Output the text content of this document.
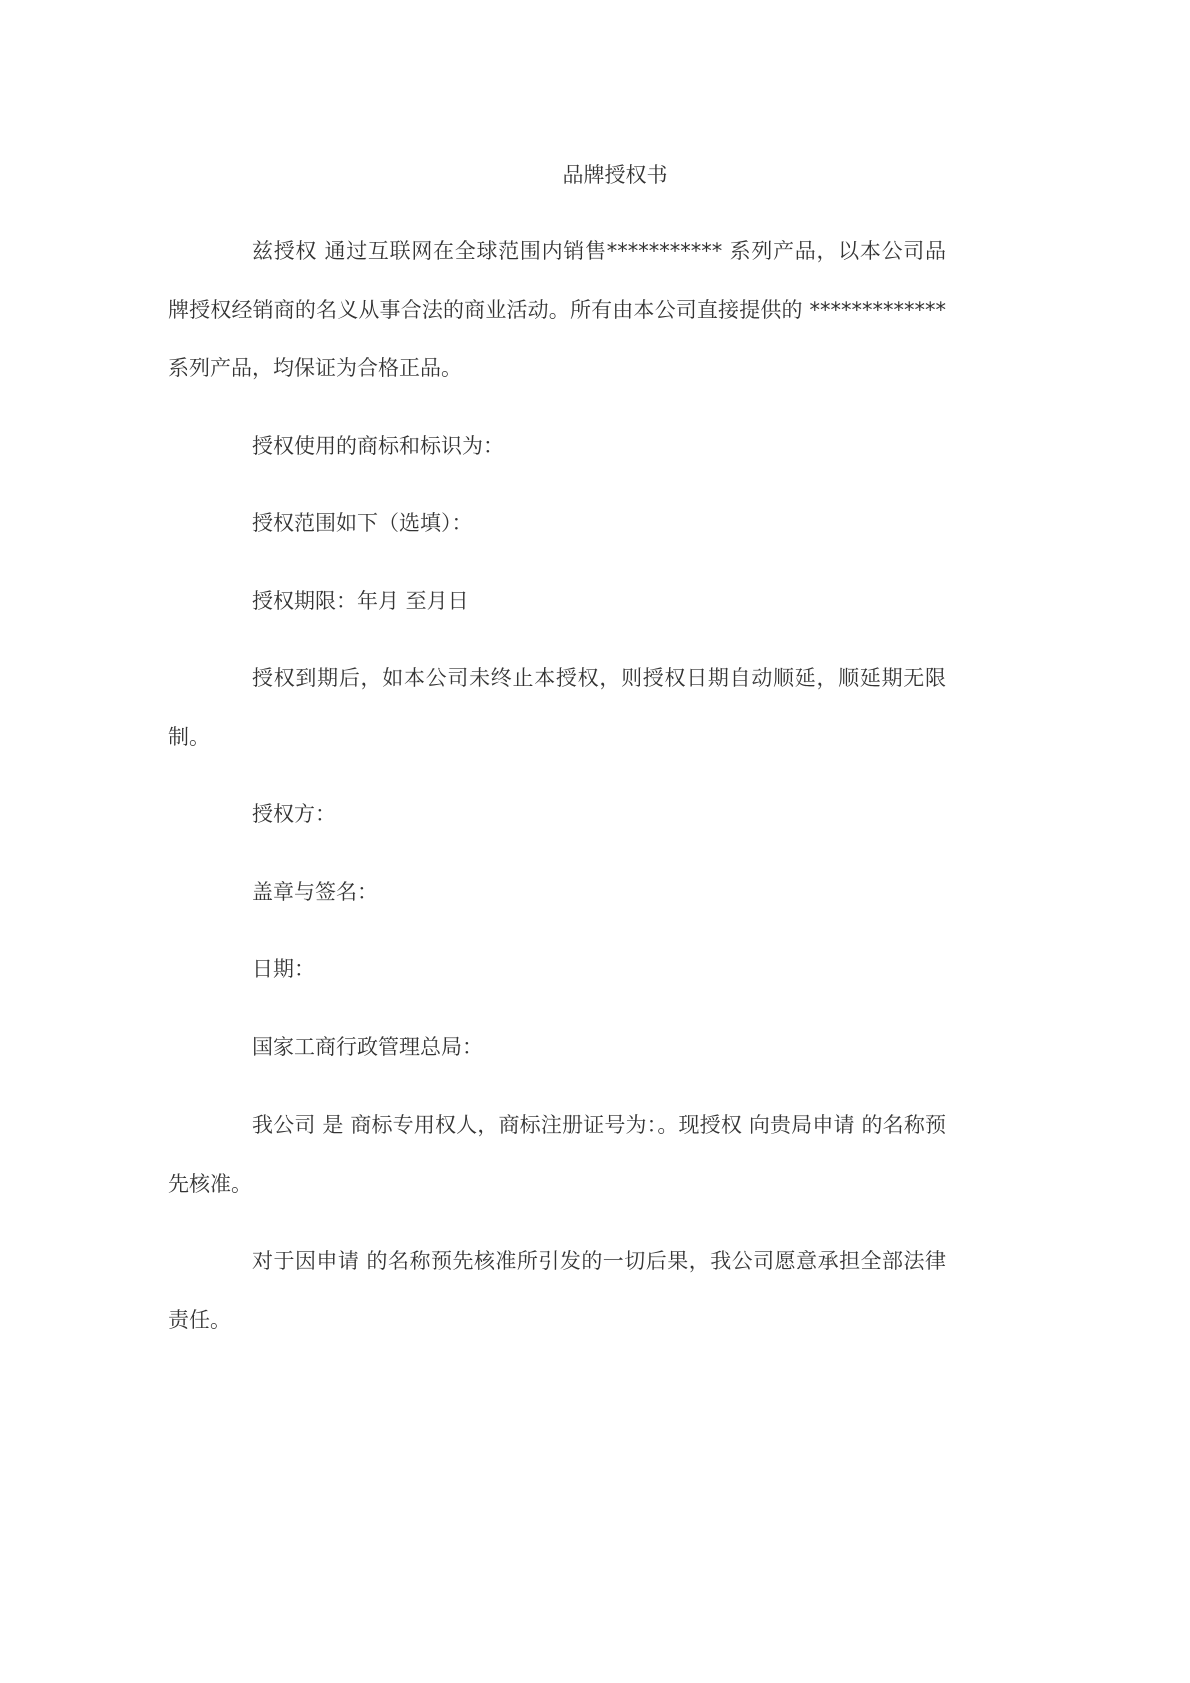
品牌授权书
兹授权 通过互联网在全球范围内销售*********** 系列产品，以本公司品牌授权经销商的名义从事合法的商业活动。所有由本公司直接提供的 *************系列产品，均保证为合格正品。
授权使用的商标和标识为：
授权范围如下（选填）：
授权期限：年月 至月日
授权到期后，如本公司未终止本授权，则授权日期自动顺延，顺延期无限制。
授权方：
盖章与签名：
日期：
国家工商行政管理总局：
我公司 是 商标专用权人，商标注册证号为：。现授权 向贵局申请 的名称预先核准。
对于因申请 的名称预先核准所引发的一切后果，我公司愿意承担全部法律责任。
